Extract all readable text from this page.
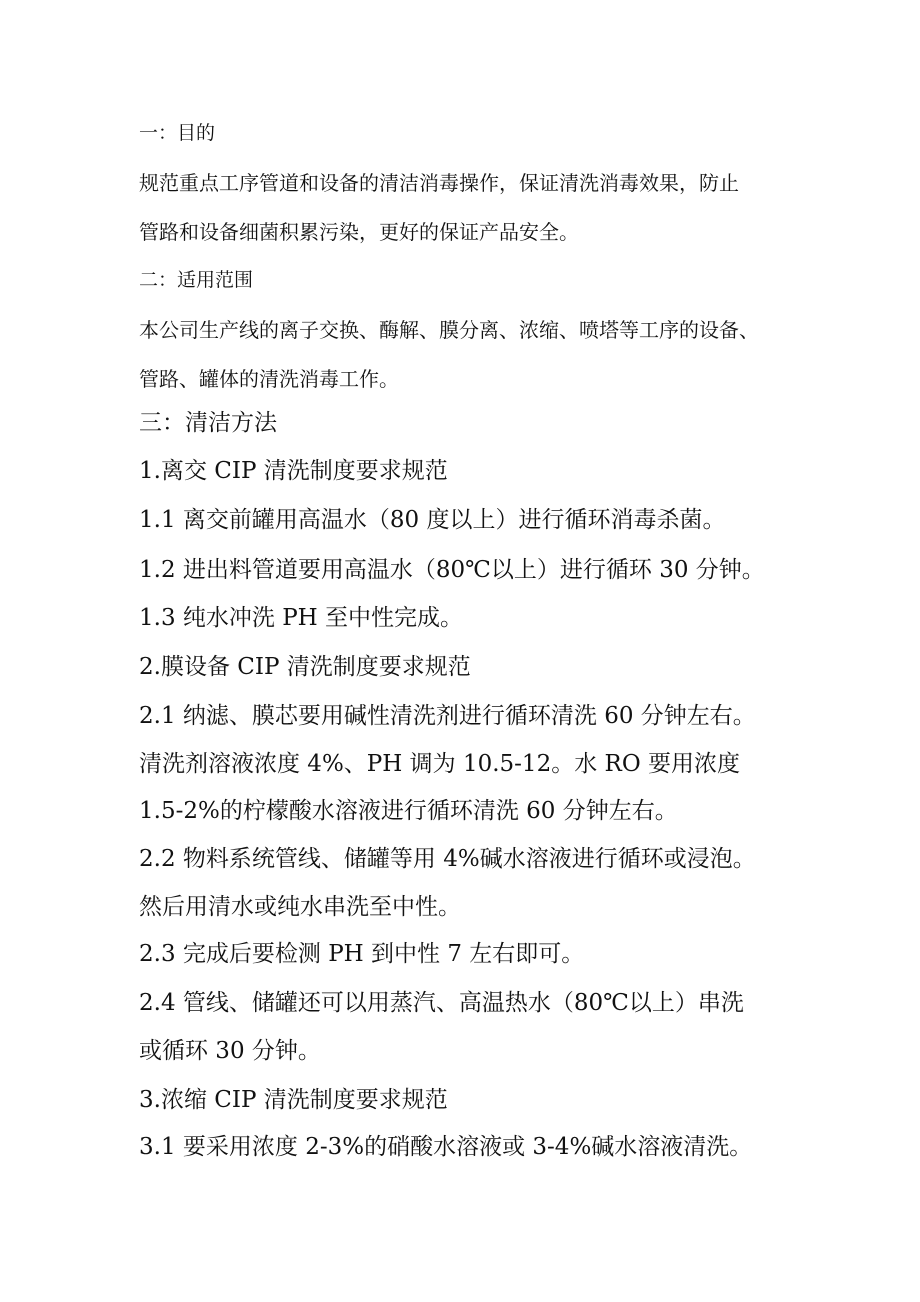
一：目的
规范重点工序管道和设备的清洁消毒操作，保证清洗消毒效果，防止
管路和设备细菌积累污染，更好的保证产品安全。
二：适用范围
本公司生产线的离子交换、酶解、膜分离、浓缩、喷塔等工序的设备、
管路、罐体的清洗消毒工作。
三：清洁方法
1.离交 CIP 清洗制度要求规范
1.1 离交前罐用高温水（80 度以上）进行循环消毒杀菌。
1.2 进出料管道要用高温水（80℃以上）进行循环 30 分钟。
1.3 纯水冲洗 PH 至中性完成。
2.膜设备 CIP 清洗制度要求规范
2.1 纳滤、膜芯要用碱性清洗剂进行循环清洗 60 分钟左右。
清洗剂溶液浓度 4%、PH 调为 10.5-12。水 RO 要用浓度
1.5-2%的柠檬酸水溶液进行循环清洗 60 分钟左右。
2.2 物料系统管线、储罐等用 4%碱水溶液进行循环或浸泡。
然后用清水或纯水串洗至中性。
2.3 完成后要检测 PH 到中性 7 左右即可。
2.4 管线、储罐还可以用蒸汽、高温热水（80℃以上）串洗
或循环 30 分钟。
3.浓缩 CIP 清洗制度要求规范
3.1 要采用浓度 2-3%的硝酸水溶液或 3-4%碱水溶液清洗。
